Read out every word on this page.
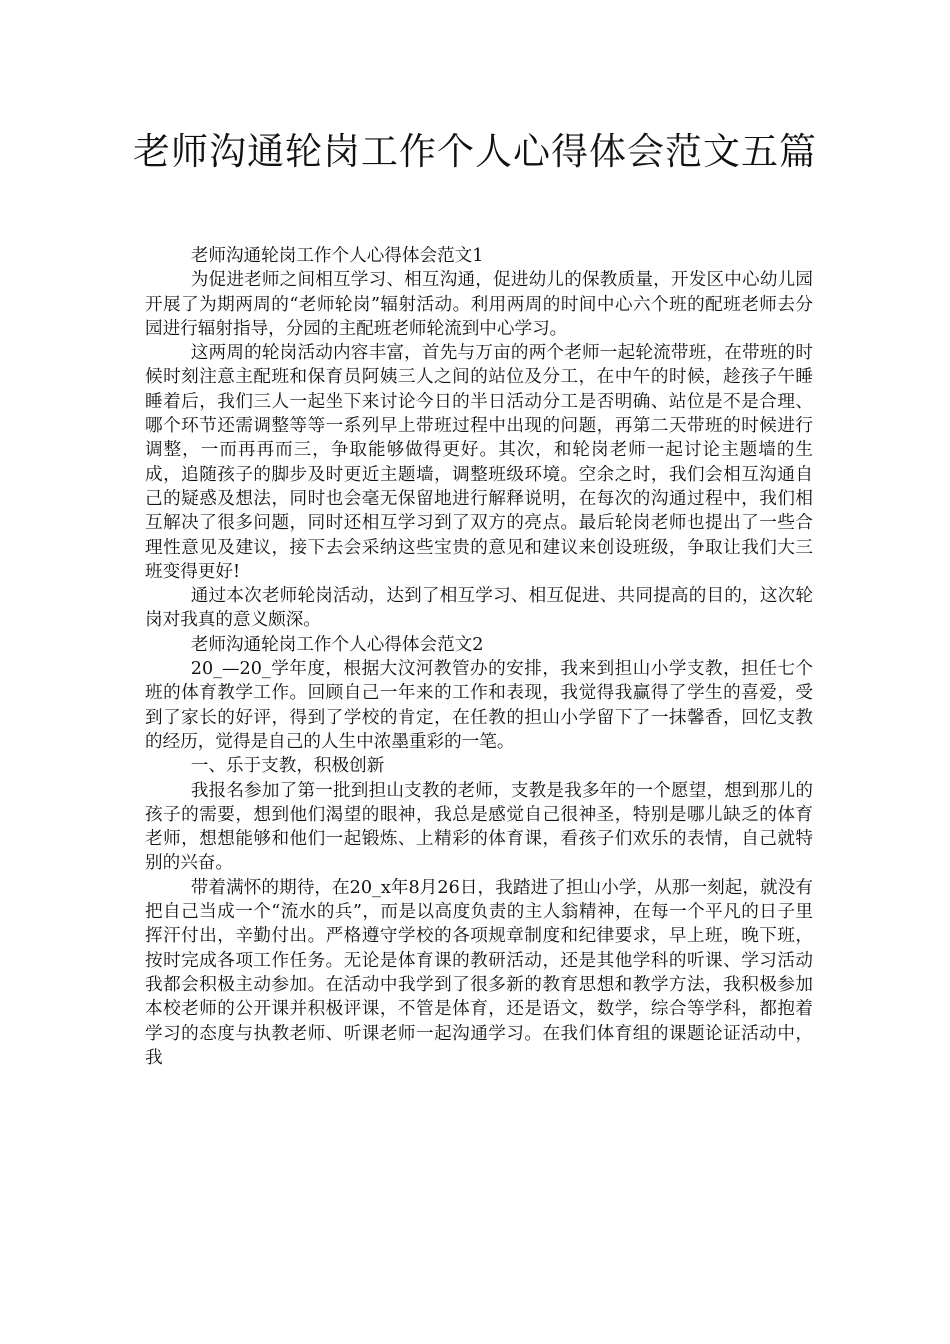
老师沟通轮岗工作个人心得体会范文五篇

老师沟通轮岗工作个人心得体会范文1

为促进老师之间相互学习、相互沟通，促进幼儿的保教质量，开发区中心幼儿园开展了为期两周的“老师轮岗”辐射活动。利用两周的时间中心六个班的配班老师去分园进行辐射指导，分园的主配班老师轮流到中心学习。

这两周的轮岗活动内容丰富，首先与万亩的两个老师一起轮流带班，在带班的时候时刻注意主配班和保育员阿姨三人之间的站位及分工，在中午的时候，趁孩子午睡睡着后，我们三人一起坐下来讨论今日的半日活动分工是否明确、站位是不是合理、哪个环节还需调整等等一系列早上带班过程中出现的问题，再第二天带班的时候进行调整，一而再再而三，争取能够做得更好。其次，和轮岗老师一起讨论主题墙的生成，追随孩子的脚步及时更近主题墙，调整班级环境。空余之时，我们会相互沟通自己的疑惑及想法，同时也会毫无保留地进行解释说明，在每次的沟通过程中，我们相互解决了很多问题，同时还相互学习到了双方的亮点。最后轮岗老师也提出了一些合理性意见及建议，接下去会采纳这些宝贵的意见和建议来创设班级，争取让我们大三班变得更好!

通过本次老师轮岗活动，达到了相互学习、相互促进、共同提高的目的，这次轮岗对我真的意义颇深。

老师沟通轮岗工作个人心得体会范文2

20_—20_学年度，根据大汶河教管办的安排，我来到担山小学支教，担任七个班的体育教学工作。回顾自己一年来的工作和表现，我觉得我赢得了学生的喜爱，受到了家长的好评，得到了学校的肯定，在任教的担山小学留下了一抹馨香，回忆支教的经历，觉得是自己的人生中浓墨重彩的一笔。

一、乐于支教，积极创新

我报名参加了第一批到担山支教的老师，支教是我多年的一个愿望，想到那儿的孩子的需要，想到他们渴望的眼神，我总是感觉自己很神圣，特别是哪儿缺乏的体育老师，想想能够和他们一起锻炼、上精彩的体育课，看孩子们欢乐的表情，自己就特别的兴奋。

带着满怀的期待，在20_x年8月26日，我踏进了担山小学，从那一刻起，就没有把自己当成一个“流水的兵”，而是以高度负责的主人翁精神，在每一个平凡的日子里挥汗付出，辛勤付出。严格遵守学校的各项规章制度和纪律要求，早上班，晚下班，按时完成各项工作任务。无论是体育课的教研活动，还是其他学科的听课、学习活动我都会积极主动参加。在活动中我学到了很多新的教育思想和教学方法，我积极参加本校老师的公开课并积极评课，不管是体育，还是语文，数学，综合等学科，都抱着学习的态度与执教老师、听课老师一起沟通学习。在我们体育组的课题论证活动中，我
